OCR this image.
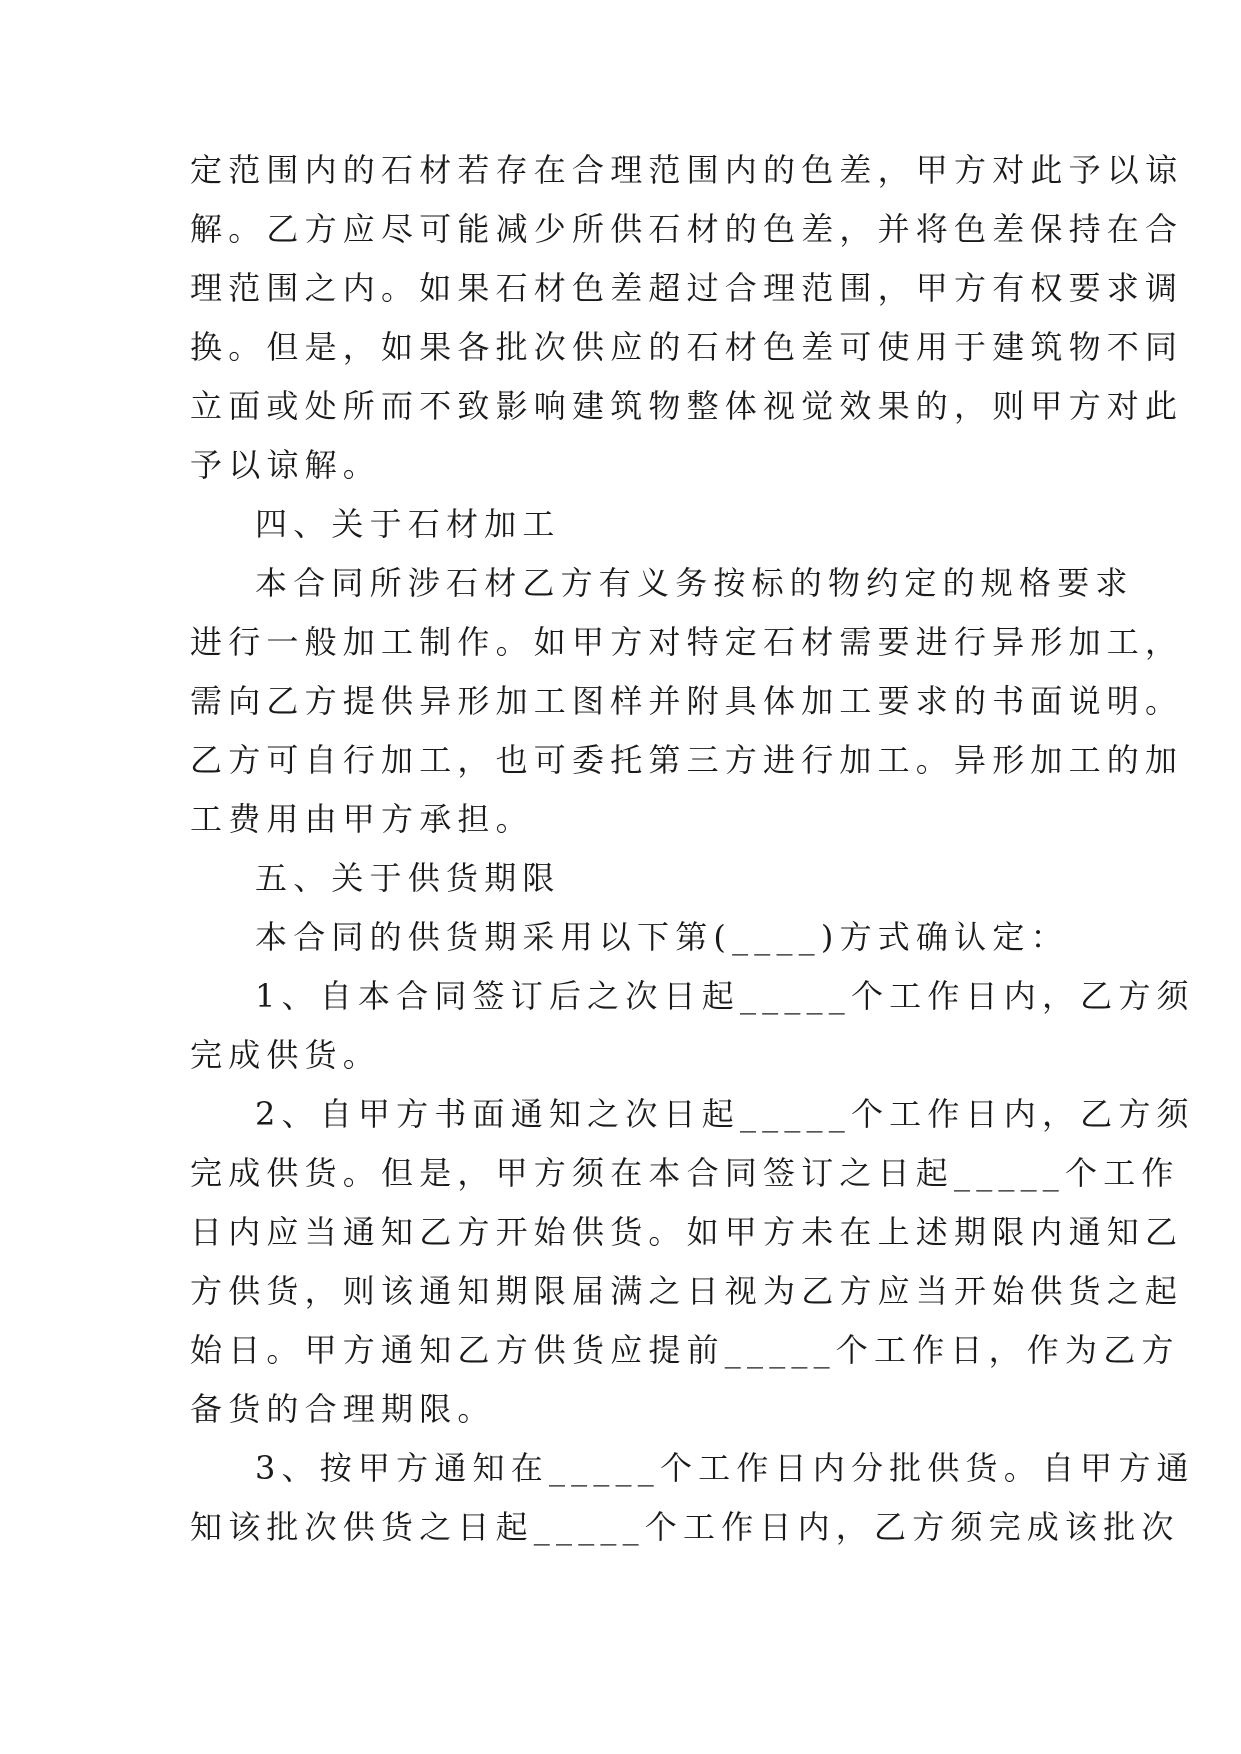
定范围内的石材若存在合理范围内的色差，甲方对此予以谅
解。乙方应尽可能减少所供石材的色差，并将色差保持在合
理范围之内。如果石材色差超过合理范围，甲方有权要求调
换。但是，如果各批次供应的石材色差可使用于建筑物不同
立面或处所而不致影响建筑物整体视觉效果的，则甲方对此
予以谅解。
四、关于石材加工
本合同所涉石材乙方有义务按标的物约定的规格要求
进行一般加工制作。如甲方对特定石材需要进行异形加工，
需向乙方提供异形加工图样并附具体加工要求的书面说明。
乙方可自行加工，也可委托第三方进行加工。异形加工的加
工费用由甲方承担。
五、关于供货期限
本合同的供货期采用以下第(____)方式确认定：
1、自本合同签订后之次日起_____个工作日内，乙方须
完成供货。
2、自甲方书面通知之次日起_____个工作日内，乙方须
完成供货。但是，甲方须在本合同签订之日起_____个工作
日内应当通知乙方开始供货。如甲方未在上述期限内通知乙
方供货，则该通知期限届满之日视为乙方应当开始供货之起
始日。甲方通知乙方供货应提前_____个工作日，作为乙方
备货的合理期限。
3、按甲方通知在_____个工作日内分批供货。自甲方通
知该批次供货之日起_____个工作日内，乙方须完成该批次
